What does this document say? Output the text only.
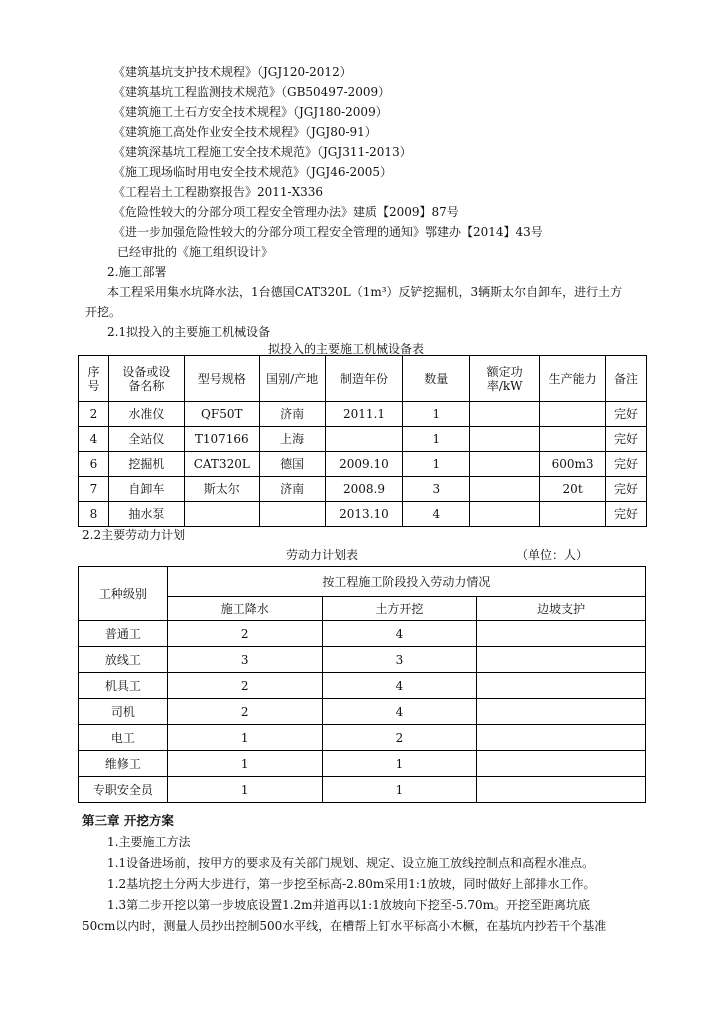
《建筑基坑支护技术规程》（JGJ120-2012）
《建筑基坑工程监测技术规范》（GB50497-2009）
《建筑施工土石方安全技术规程》（JGJ180-2009）
《建筑施工高处作业安全技术规程》（JGJ80-91）
《建筑深基坑工程施工安全技术规范》（JGJ311-2013）
《施工现场临时用电安全技术规范》（JGJ46-2005）
《工程岩土工程勘察报告》2011-X336
《危险性较大的分部分项工程安全管理办法》建质【2009】87号
《进一步加强危险性较大的分部分项工程安全管理的通知》鄂建办【2014】43号
已经审批的《施工组织设计》
2.施工部署
本工程采用集水坑降水法，1台德国CAT320L（1m³）反铲挖掘机，3辆斯太尔自卸车，进行土方
开挖。
2.1拟投入的主要施工机械设备
拟投入的主要施工机械设备表
序号	设备或设备名称	型号规格	国别/产地	制造年份	数量	额定功率/kW	生产能力	备注
2	水准仪	QF50T	济南	2011.1	1			完好
4	全站仪	T107166	上海		1			完好
6	挖掘机	CAT320L	德国	2009.10	1		600m3	完好
7	自卸车	斯太尔	济南	2008.9	3		20t	完好
8	抽水泵			2013.10	4			完好
2.2主要劳动力计划
劳动力计划表	（单位：人）
工种级别	按工程施工阶段投入劳动力情况		
	施工降水	土方开挖	边坡支护
普通工	2	4	
放线工	3	3	
机具工	2	4	
司机	2	4	
电工	1	2	
维修工	1	1	
专职安全员	1	1	
第三章 开挖方案
1.主要施工方法
1.1设备进场前，按甲方的要求及有关部门规划、规定、设立施工放线控制点和高程水准点。
1.2基坑挖土分两大步进行，第一步挖至标高-2.80m采用1:1放坡，同时做好上部排水工作。
1.3第二步开挖以第一步坡底设置1.2m并道再以1:1放坡向下挖至-5.70m。开挖至距离坑底
50cm以内时，测量人员抄出控制500水平线，在槽帮上钉水平标高小木橛，在基坑内抄若干个基准
